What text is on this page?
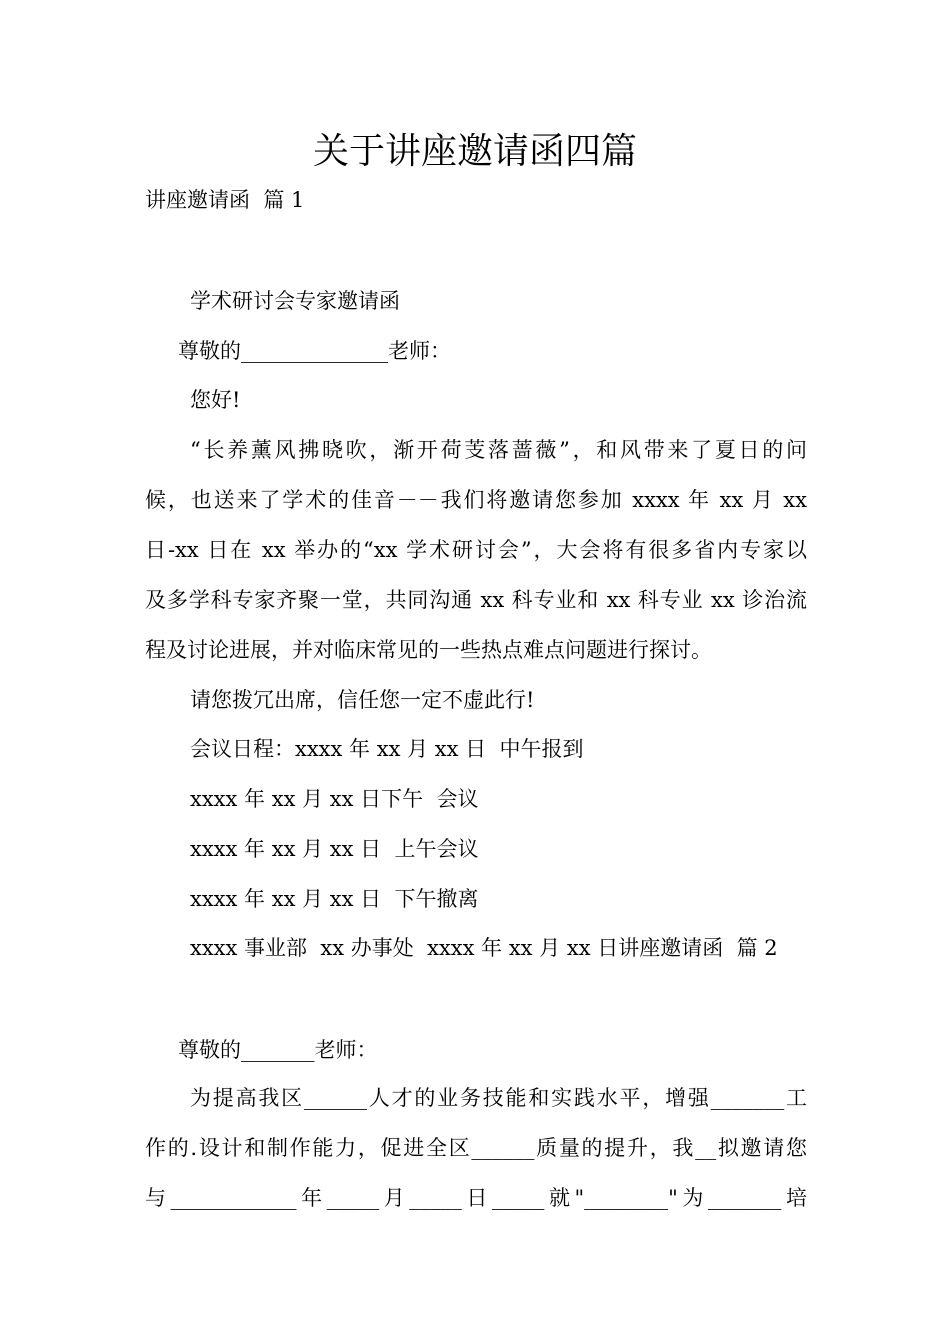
关于讲座邀请函四篇

讲座邀请函  篇 1

学术研讨会专家邀请函

尊敬的______________老师：

您好!

“长养薰风拂晓吹，渐开荷芰落蔷薇”，和风带来了夏日的问

候，也送来了学术的佳音－－我们将邀请您参加 xxxx 年 xx 月 xx

日-xx 日在 xx 举办的“xx 学术研讨会”，大会将有很多省内专家以

及多学科专家齐聚一堂，共同沟通 xx 科专业和 xx 科专业 xx 诊治流

程及讨论进展，并对临床常见的一些热点难点问题进行探讨。

请您拨冗出席，信任您一定不虚此行!

会议日程：xxxx 年 xx 月 xx 日  中午报到

xxxx 年 xx 月 xx 日下午  会议

xxxx 年 xx 月 xx 日  上午会议

xxxx 年 xx 月 xx 日  下午撤离

xxxx 事业部  xx 办事处  xxxx 年 xx 月 xx 日讲座邀请函  篇 2

尊敬的_______老师：

为提高我区______人才的业务技能和实践水平，增强_______工

作的.设计和制作能力，促进全区______质量的提升，我__拟邀请您

与____________年_____月_____日_____就"________"为_______培
